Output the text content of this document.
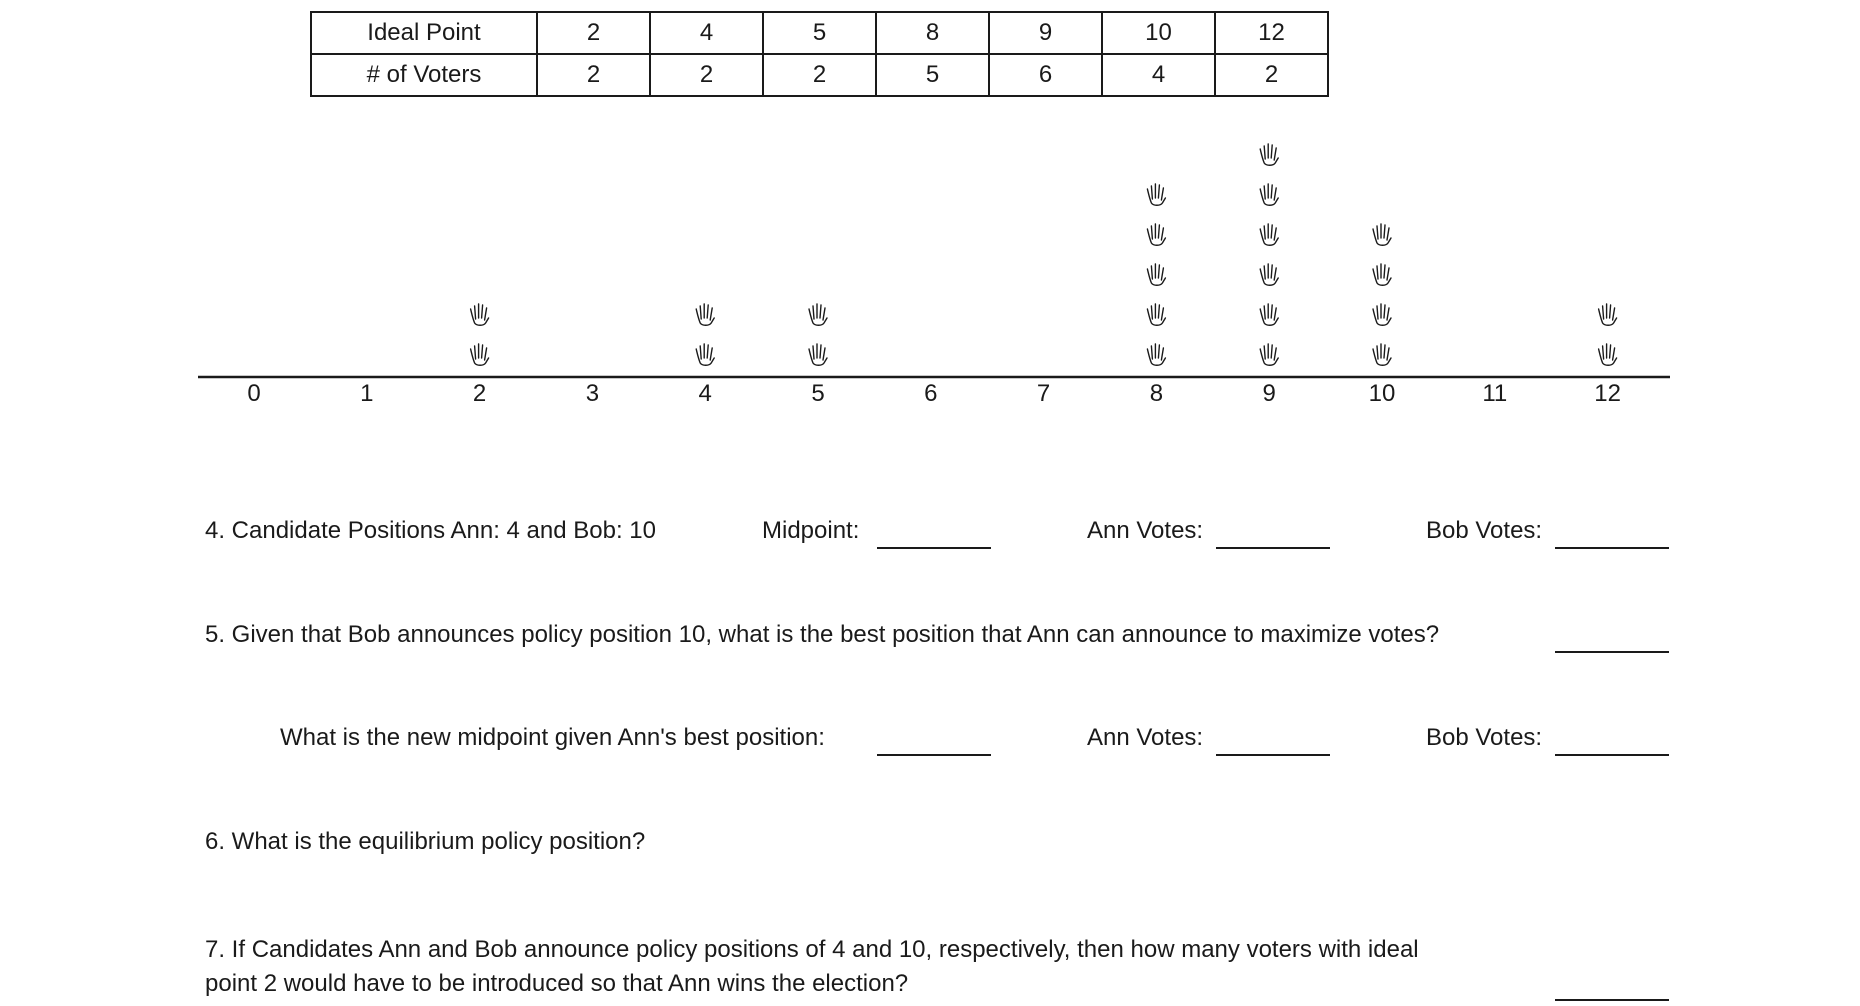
Ideal Point	2	4	5	8	9	10	12
# of Voters	2	2	2	5	6	4	2
0	1	2	3	4	5	6	7	8	9	10	11	12
4. Candidate Positions Ann: 4 and Bob: 10	Midpoint:	Ann Votes:	Bob Votes:
5. Given that Bob announces policy position 10, what is the best position that Ann can announce to maximize votes?
What is the new midpoint given Ann's best position:	Ann Votes:	Bob Votes:
6. What is the equilibrium policy position?
7. If Candidates Ann and Bob announce policy positions of 4 and 10, respectively, then how many voters with ideal
point 2 would have to be introduced so that Ann wins the election?
